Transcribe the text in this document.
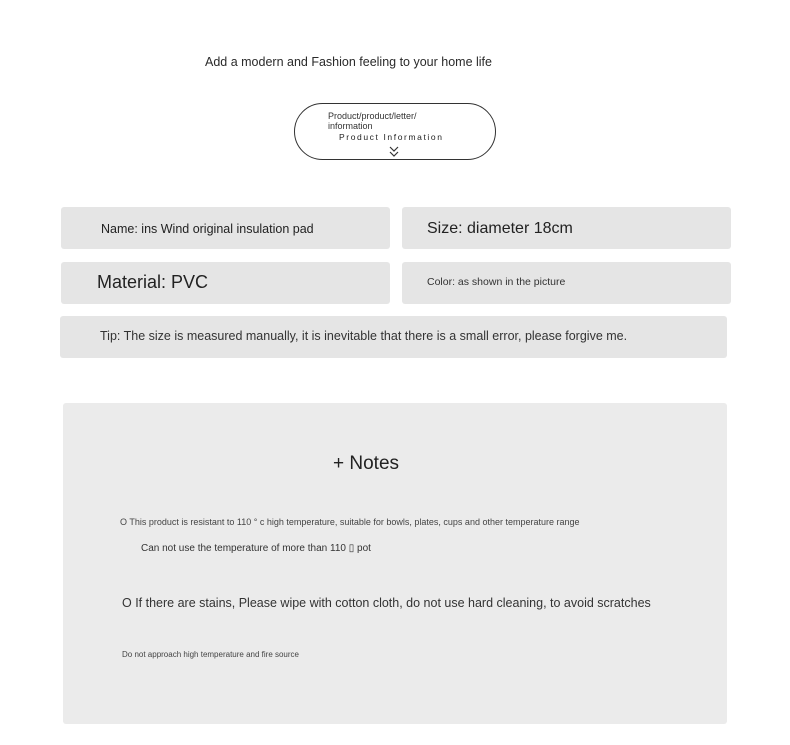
Add a modern and Fashion feeling to your home life
Product/product/letter/ information
Product Information
Name: ins Wind original insulation pad	Size: diameter 18cm
Material: PVC	Color: as shown in the picture
Tip: The size is measured manually, it is inevitable that there is a small error, please forgive me.
+ Notes
O This product is resistant to 110 ° c high temperature, suitable for bowls, plates, cups and other temperature range
Can not use the temperature of more than 110 ▯ pot
O If there are stains, Please wipe with cotton cloth, do not use hard cleaning, to avoid scratches
Do not approach high temperature and fire source
